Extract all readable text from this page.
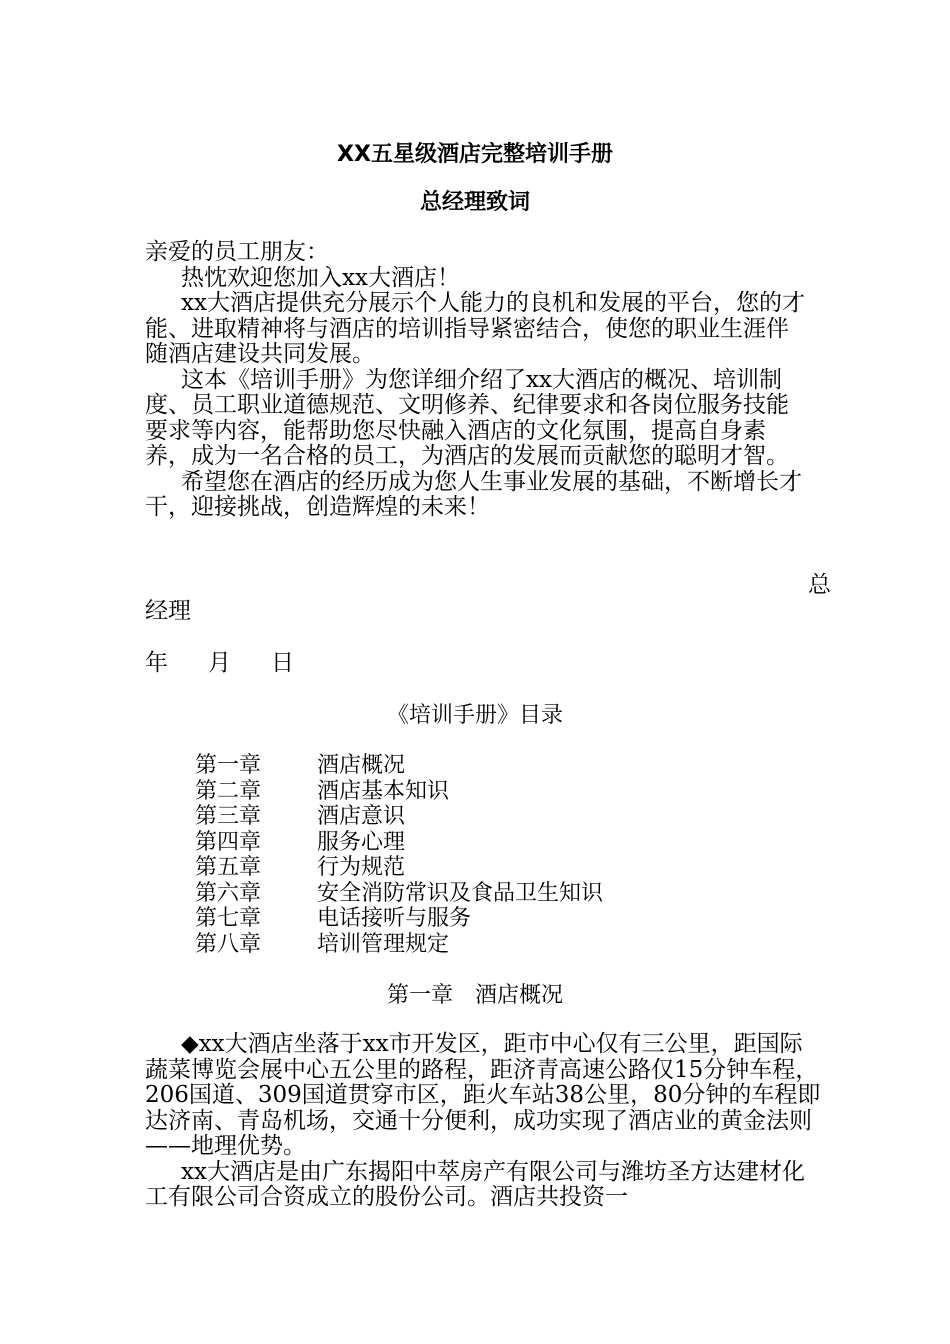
XX五星级酒店完整培训手册
总经理致词

亲爱的员工朋友：

热忱欢迎您加入xx大酒店！

xx大酒店提供充分展示个人能力的良机和发展的平台，您的才能、进取精神将与酒店的培训指导紧密结合，使您的职业生涯伴随酒店建设共同发展。

这本《培训手册》为您详细介绍了xx大酒店的概况、培训制度、员工职业道德规范、文明修养、纪律要求和各岗位服务技能要求等内容，能帮助您尽快融入酒店的文化氛围，提高自身素养，成为一名合格的员工，为酒店的发展而贡献您的聪明才智。

希望您在酒店的经历成为您人生事业发展的基础，不断增长才干，迎接挑战，创造辉煌的未来！

总
经理
年 月 日
《培训手册》目录
第一章	酒店概况
第二章	酒店基本知识
第三章	酒店意识
第四章	服务心理
第五章	行为规范
第六章	安全消防常识及食品卫生知识
第七章	电话接听与服务
第八章	培训管理规定
第一章　酒店概况

◆xx大酒店坐落于xx市开发区，距市中心仅有三公里，距国际蔬菜博览会展中心五公里的路程，距济青高速公路仅15分钟车程，206国道、309国道贯穿市区，距火车站38公里，80分钟的车程即达济南、青岛机场，交通十分便利，成功实现了酒店业的黄金法则——地理优势。

xx大酒店是由广东揭阳中萃房产有限公司与潍坊圣方达建材化工有限公司合资成立的股份公司。酒店共投资一
